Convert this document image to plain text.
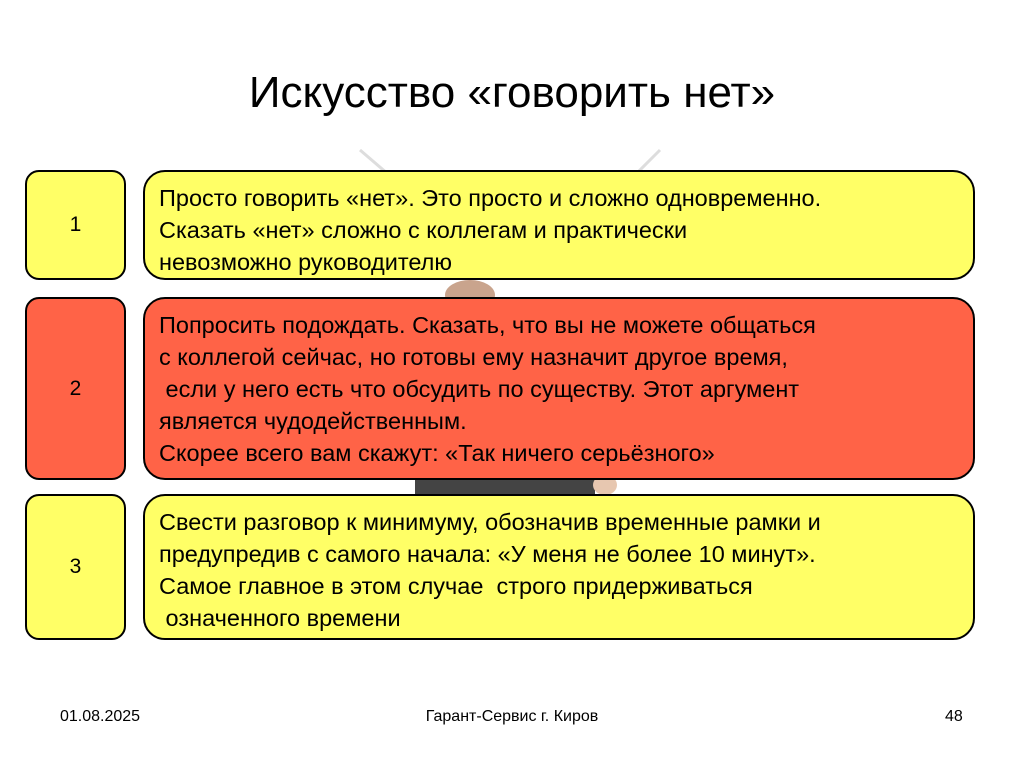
Искусство «говорить нет»
1
Просто говорить «нет». Это просто и сложно одновременно.
Сказать «нет» сложно с коллегам и практически
невозможно руководителю
2
Попросить подождать. Сказать, что вы не можете общаться
с коллегой сейчас, но готовы ему назначит другое время,
если у него есть что обсудить по существу. Этот аргумент
является чудодейственным.
Скорее всего вам скажут: «Так ничего серьёзного»
3
Свести разговор к минимуму, обозначив временные рамки и
предупредив с самого начала: «У меня не более 10 минут».
Самое главное в этом случае  строго придерживаться
означенного времени
01.08.2025	Гарант-Сервис г. Киров	48
